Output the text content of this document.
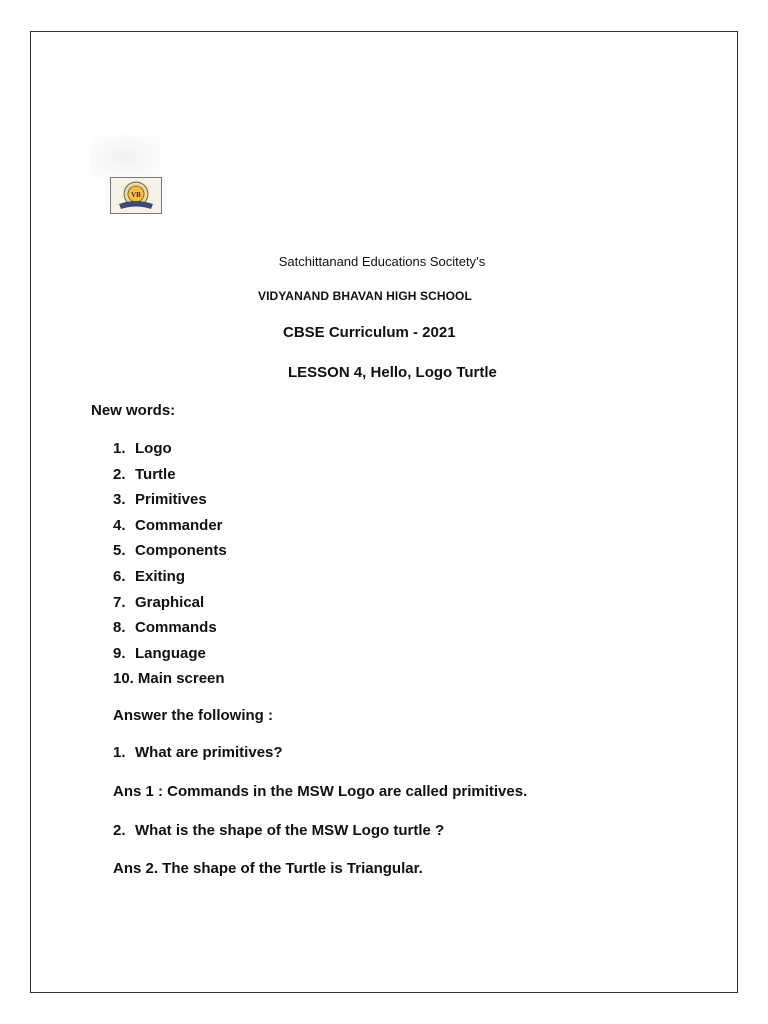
VB
Satchittanand Educations Socitety’s
VIDYANAND BHAVAN HIGH SCHOOL
CBSE Curriculum - 2021
LESSON 4, Hello, Logo Turtle
New words:
1. Logo
2. Turtle
3. Primitives
4. Commander
5. Components
6. Exiting
7. Graphical
8. Commands
9. Language
10. Main screen
Answer the following :
1. What are primitives?
Ans 1 : Commands in the MSW Logo are called primitives.
2. What is the shape of the MSW Logo turtle ?
Ans 2. The shape of the Turtle is Triangular.
